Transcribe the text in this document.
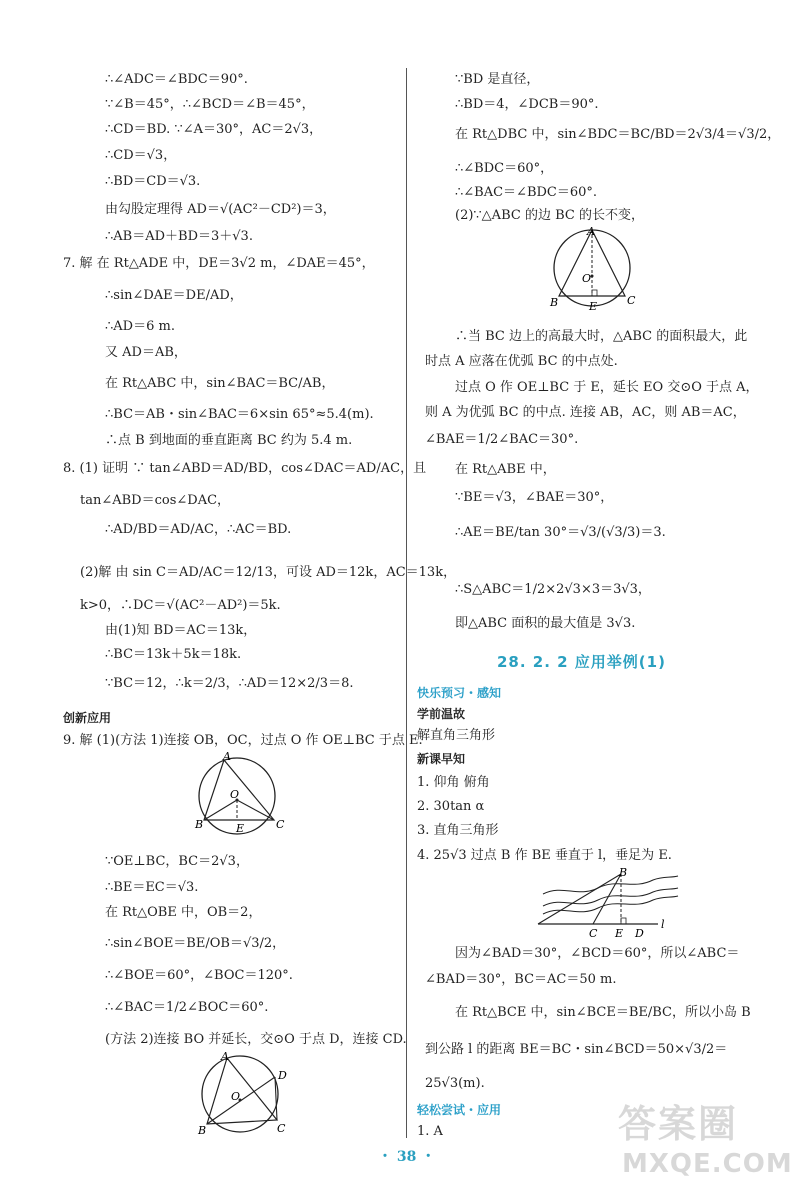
∴∠ADC＝∠BDC＝90°.
∵∠B＝45°，∴∠BCD＝∠B＝45°，
∴CD＝BD. ∵∠A＝30°，AC＝2√3，
∴CD＝√3，
∴BD＝CD＝√3.
由勾股定理得 AD＝√(AC²－CD²)＝3，
∴AB＝AD＋BD＝3＋√3.
7. 解 在 Rt△ADE 中，DE＝3√2 m，∠DAE＝45°，
∴sin∠DAE＝DE/AD，
∴AD＝6 m.
又 AD＝AB，
在 Rt△ABC 中，sin∠BAC＝BC/AB，
∴BC＝AB・sin∠BAC＝6×sin 65°≈5.4(m).
∴点 B 到地面的垂直距离 BC 约为 5.4 m.
8. (1) 证明 ∵ tan∠ABD＝AD/BD，cos∠DAC＝AD/AC，且
tan∠ABD＝cos∠DAC，
∴AD/BD＝AD/AC，∴AC＝BD.
(2)解 由 sin C＝AD/AC＝12/13，可设 AD＝12k，AC＝13k，
k>0，∴DC＝√(AC²－AD²)＝5k.
由(1)知 BD＝AC＝13k，
∴BC＝13k＋5k＝18k.
∵BC＝12，∴k＝2/3，∴AD＝12×2/3＝8.
创新应用
9. 解 (1)(方法 1)连接 OB，OC，过点 O 作 OE⊥BC 于点 E.
A
B	C
O
E
∵OE⊥BC，BC＝2√3，
∴BE＝EC＝√3.
在 Rt△OBE 中，OB＝2，
∴sin∠BOE＝BE/OB＝√3/2，
∴∠BOE＝60°，∠BOC＝120°.
∴∠BAC＝1/2∠BOC＝60°.
(方法 2)连接 BO 并延长，交⊙O 于点 D，连接 CD.
A
B	C
D
O
∵BD 是直径，
∴BD＝4，∠DCB＝90°.
在 Rt△DBC 中，sin∠BDC＝BC/BD＝2√3/4＝√3/2，
∴∠BDC＝60°，
∴∠BAC＝∠BDC＝60°.
(2)∵△ABC 的边 BC 的长不变，
A
B	C
O
E
∴当 BC 边上的高最大时，△ABC 的面积最大，此
时点 A 应落在优弧 BC 的中点处.
过点 O 作 OE⊥BC 于 E，延长 EO 交⊙O 于点 A，
则 A 为优弧 BC 的中点. 连接 AB，AC，则 AB＝AC，
∠BAE＝1/2∠BAC＝30°.
在 Rt△ABE 中，
∵BE＝√3，∠BAE＝30°，
∴AE＝BE/tan 30°＝√3/(√3/3)＝3.
∴S△ABC＝1/2×2√3×3＝3√3，
即△ABC 面积的最大值是 3√3.
快乐预习・感知
学前温故
解直角三角形
新课早知
1. 仰角 俯角
2. 30tan α
3. 直角三角形
4. 25√3 过点 B 作 BE 垂直于 l，垂足为 E.
B
C E D
l
因为∠BAD＝30°，∠BCD＝60°，所以∠ABC＝
∠BAD＝30°，BC＝AC＝50 m.
在 Rt△BCE 中，sin∠BCE＝BE/BC，所以小岛 B
到公路 l 的距离 BE＝BC・sin∠BCD＝50×√3/2＝
25√3(m).
轻松尝试・应用
1. A
28. 2. 2 应用举例(1)
・ 38 ・
答案圈
MXQE.COM
